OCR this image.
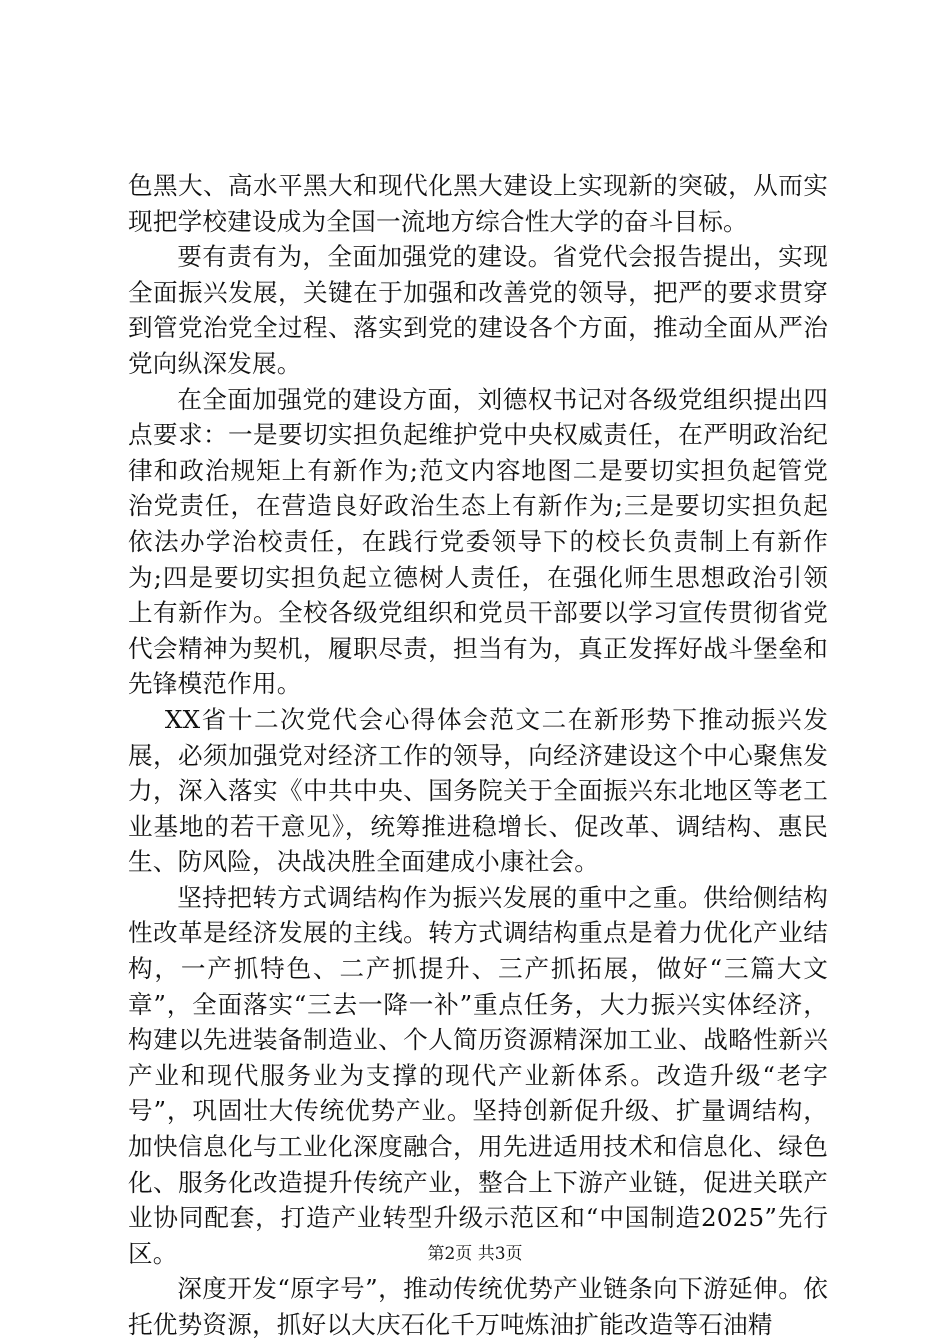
色黑大、高水平黑大和现代化黑大建设上实现新的突破，从而实现把学校建设成为全国一流地方综合性大学的奋斗目标。

要有责有为，全面加强党的建设。省党代会报告提出，实现全面振兴发展，关键在于加强和改善党的领导，把严的要求贯穿到管党治党全过程、落实到党的建设各个方面，推动全面从严治党向纵深发展。

在全面加强党的建设方面，刘德权书记对各级党组织提出四点要求：一是要切实担负起维护党中央权威责任，在严明政治纪律和政治规矩上有新作为;范文内容地图二是要切实担负起管党治党责任，在营造良好政治生态上有新作为;三是要切实担负起依法办学治校责任，在践行党委领导下的校长负责制上有新作为;四是要切实担负起立德树人责任，在强化师生思想政治引领上有新作为。全校各级党组织和党员干部要以学习宣传贯彻省党代会精神为契机，履职尽责，担当有为，真正发挥好战斗堡垒和先锋模范作用。

XX省十二次党代会心得体会范文二在新形势下推动振兴发展，必须加强党对经济工作的领导，向经济建设这个中心聚焦发力，深入落实《中共中央、国务院关于全面振兴东北地区等老工业基地的若干意见》，统筹推进稳增长、促改革、调结构、惠民生、防风险，决战决胜全面建成小康社会。

坚持把转方式调结构作为振兴发展的重中之重。供给侧结构性改革是经济发展的主线。转方式调结构重点是着力优化产业结构，一产抓特色、二产抓提升、三产抓拓展，做好“三篇大文章”，全面落实“三去一降一补”重点任务，大力振兴实体经济，构建以先进装备制造业、个人简历资源精深加工业、战略性新兴产业和现代服务业为支撑的现代产业新体系。改造升级“老字号”，巩固壮大传统优势产业。坚持创新促升级、扩量调结构，加快信息化与工业化深度融合，用先进适用技术和信息化、绿色化、服务化改造提升传统产业，整合上下游产业链，促进关联产业协同配套，打造产业转型升级示范区和“中国制造2025”先行区。

深度开发“原字号”，推动传统优势产业链条向下游延伸。依托优势资源，抓好以大庆石化千万吨炼油扩能改造等石油精

第2页 共3页
